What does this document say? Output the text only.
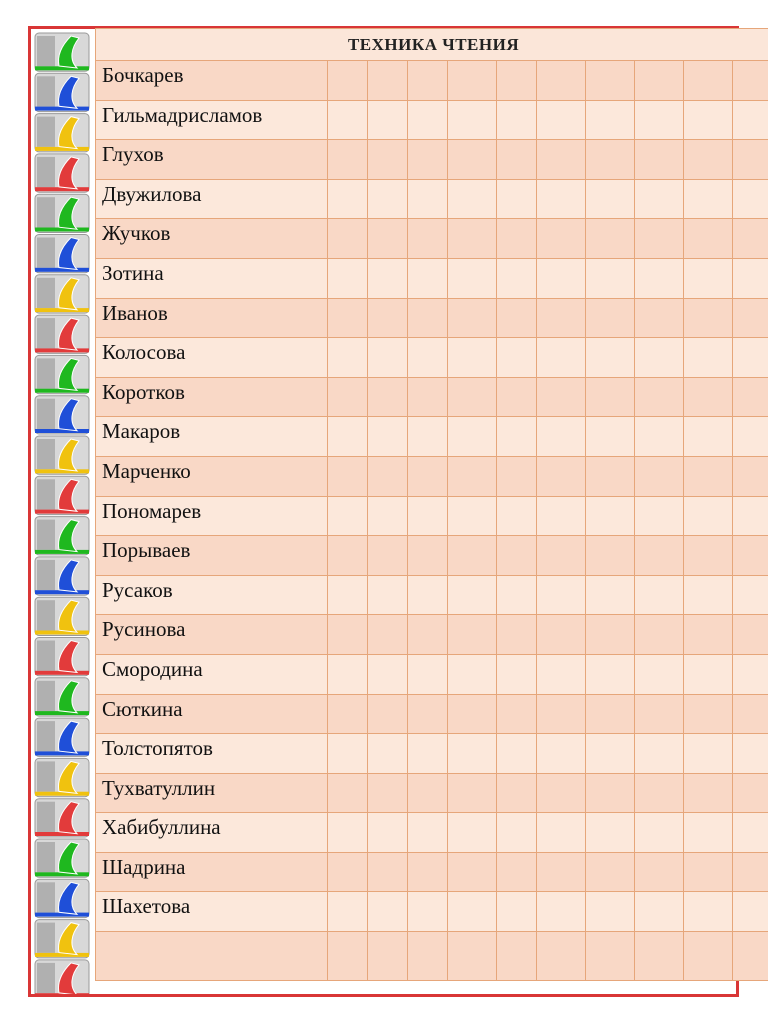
ТЕХНИКА ЧТЕНИЯ										
Бочкарев										
Гильмадрисламов										
Глухов										
Двужилова										
Жучков										
Зотина										
Иванов										
Колосова										
Коротков										
Макаров										
Марченко										
Пономарев										
Порываев										
Русаков										
Русинова										
Смородина										
Сюткина										
Толстопятов										
Тухватуллин										
Хабибуллина										
Шадрина										
Шахетова										
